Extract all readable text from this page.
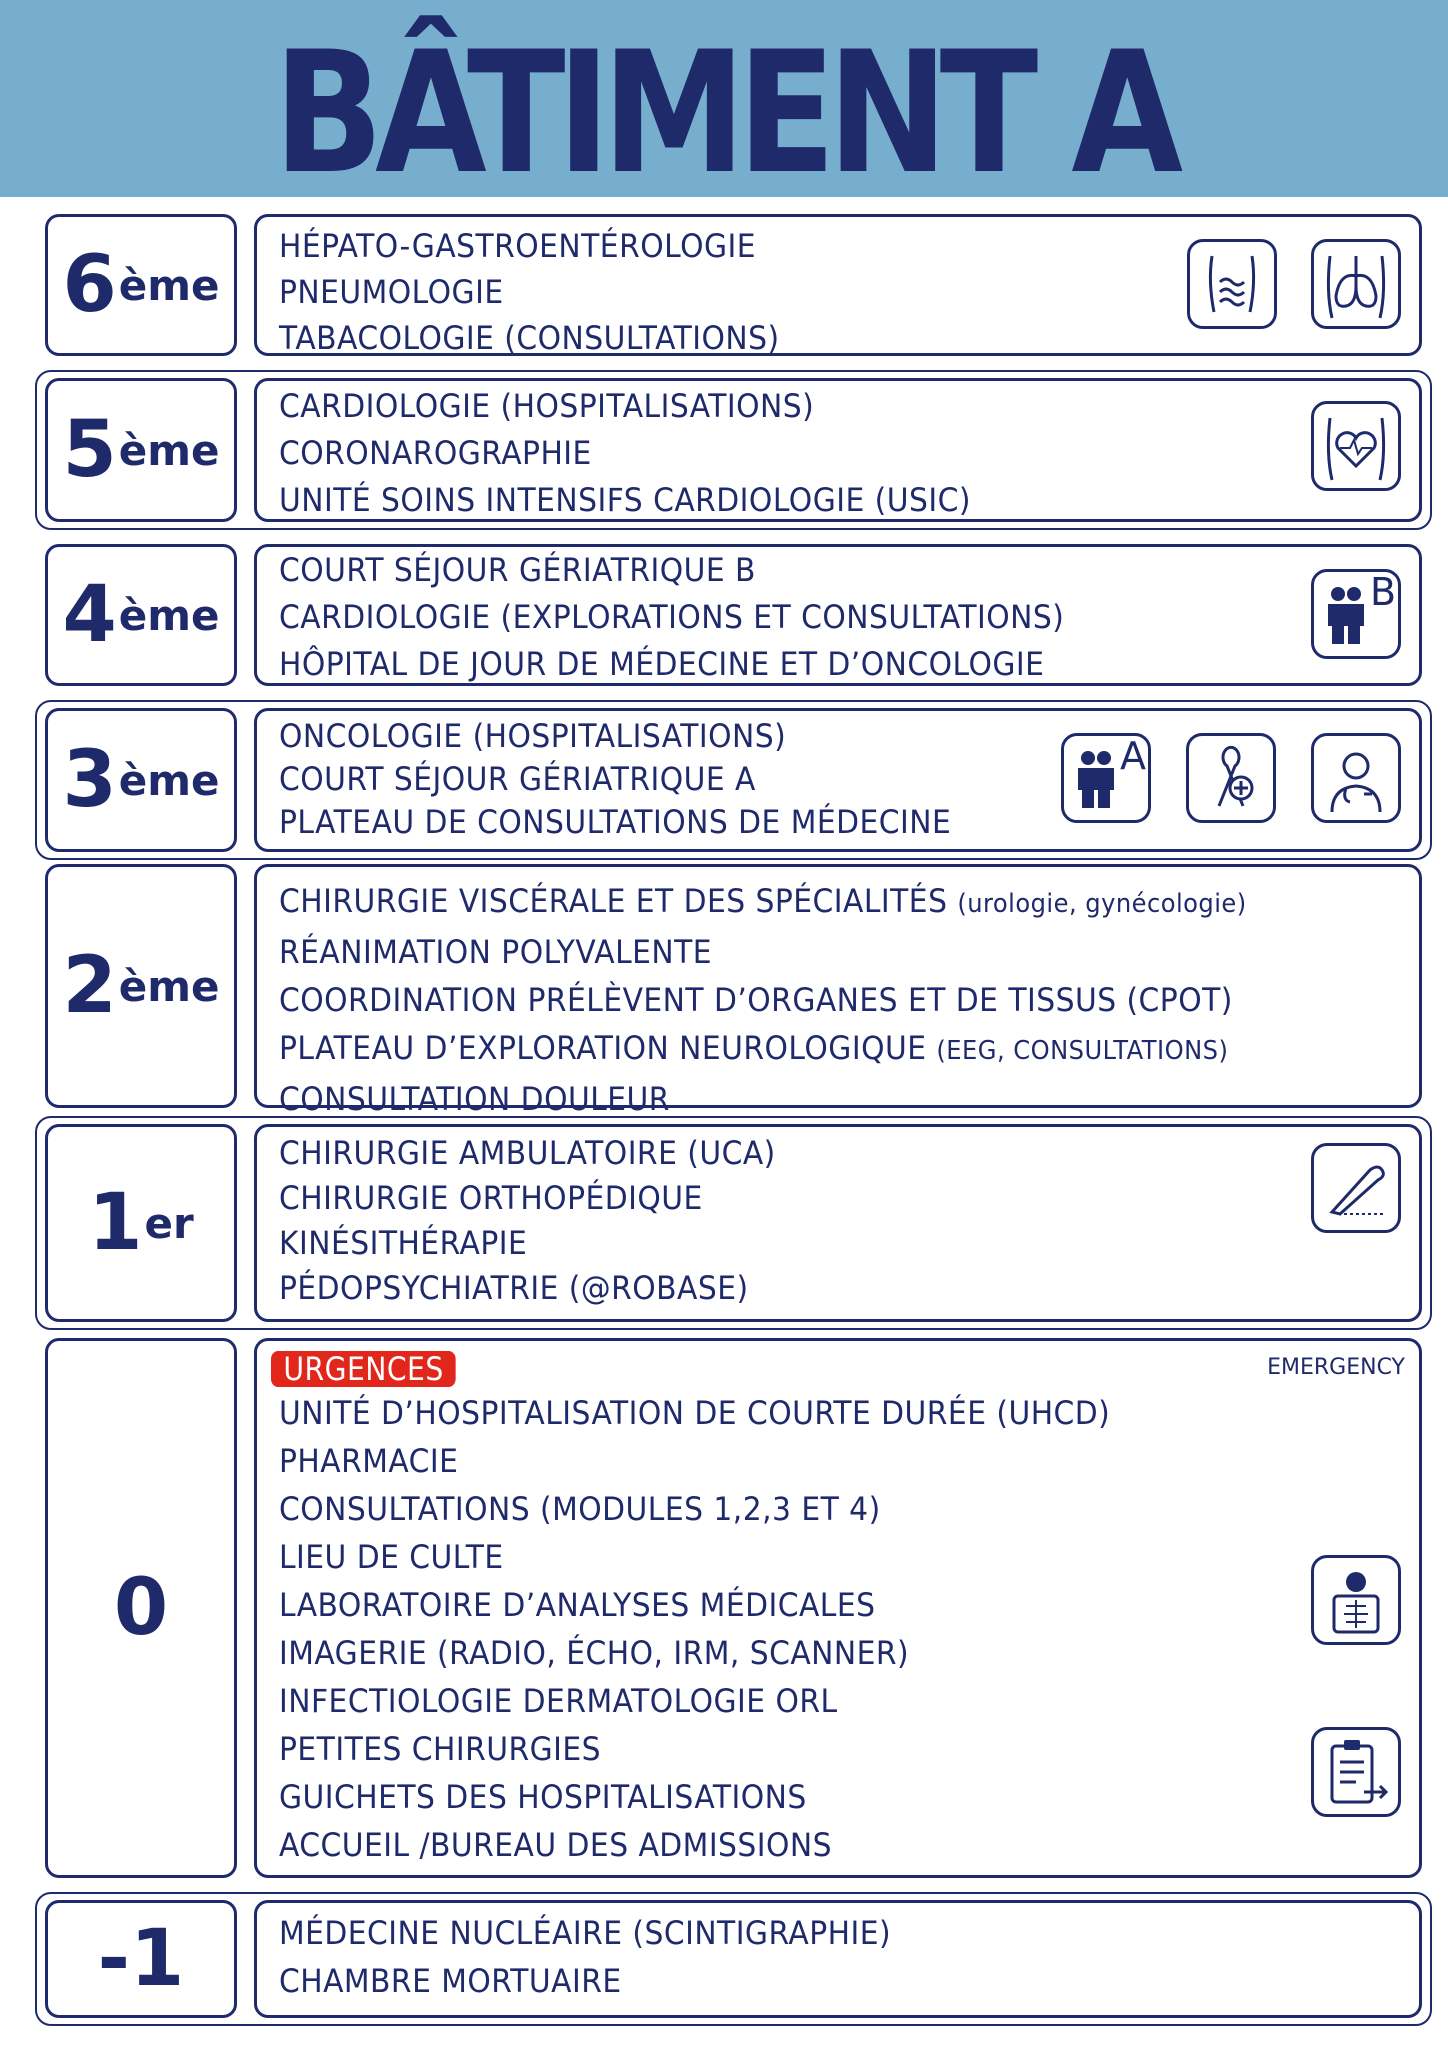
BÂTIMENT A
6 ème
HÉPATO-GASTROENTÉROLOGIE
PNEUMOLOGIE
TABACOLOGIE (CONSULTATIONS)
5 ème
CARDIOLOGIE (HOSPITALISATIONS)
CORONAROGRAPHIE
UNITÉ SOINS INTENSIFS CARDIOLOGIE (USIC)
4 ème
COURT SÉJOUR GÉRIATRIQUE B
CARDIOLOGIE (EXPLORATIONS ET CONSULTATIONS)
HÔPITAL DE JOUR DE MÉDECINE ET D’ONCOLOGIE
B
3 ème
ONCOLOGIE (HOSPITALISATIONS)
COURT SÉJOUR GÉRIATRIQUE A
PLATEAU DE CONSULTATIONS DE MÉDECINE
A
2 ème
CHIRURGIE VISCÉRALE ET DES SPÉCIALITÉS (urologie, gynécologie)
RÉANIMATION POLYVALENTE
COORDINATION PRÉLÈVENT D’ORGANES ET DE TISSUS (CPOT)
PLATEAU D’EXPLORATION NEUROLOGIQUE (EEG, CONSULTATIONS)
CONSULTATION DOULEUR
1 er
CHIRURGIE AMBULATOIRE (UCA)
CHIRURGIE ORTHOPÉDIQUE
KINÉSITHÉRAPIE
PÉDOPSYCHIATRIE (@ROBASE)
0
EMERGENCY
URGENCES
UNITÉ D’HOSPITALISATION DE COURTE DURÉE (UHCD)
PHARMACIE
CONSULTATIONS (MODULES 1,2,3 ET 4)
LIEU DE CULTE
LABORATOIRE D’ANALYSES MÉDICALES
IMAGERIE (RADIO, ÉCHO, IRM, SCANNER)
INFECTIOLOGIE DERMATOLOGIE ORL
PETITES CHIRURGIES
GUICHETS DES HOSPITALISATIONS
ACCUEIL /BUREAU DES ADMISSIONS
-1	MÉDECINE NUCLÉAIRE (SCINTIGRAPHIE)
CHAMBRE MORTUAIRE
